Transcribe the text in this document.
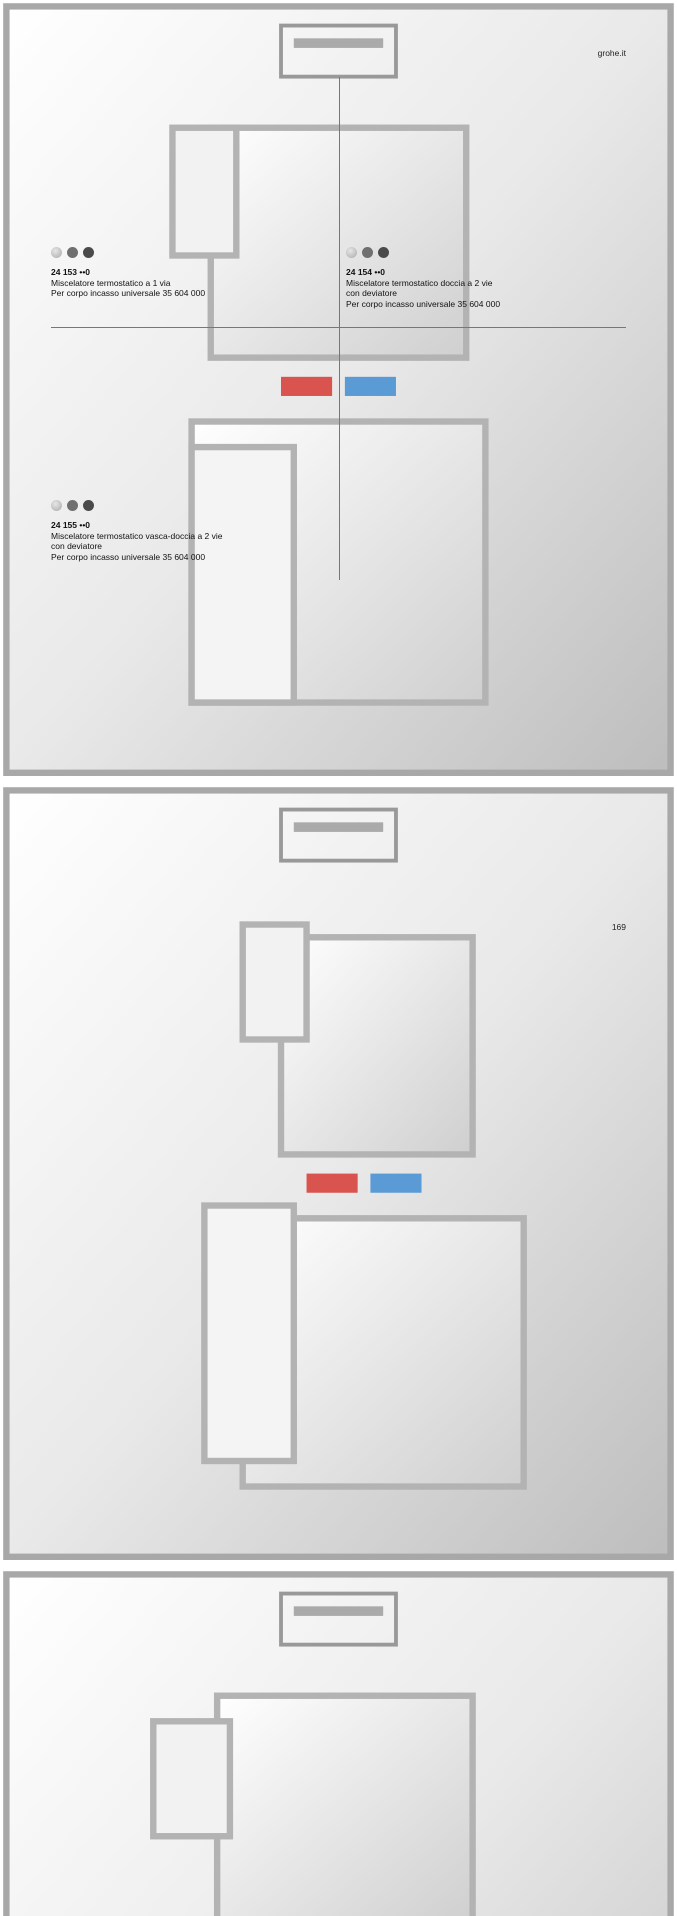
grohe.it
24 153 ••0
Miscelatore termostatico a 1 via
Per corpo incasso universale 35 604 000
24 154 ••0
Miscelatore termostatico doccia a 2 vie
con deviatore
Per corpo incasso universale 35 604 000
24 155 ••0
Miscelatore termostatico vasca-doccia a 2 vie
con deviatore
Per corpo incasso universale 35 604 000
169
